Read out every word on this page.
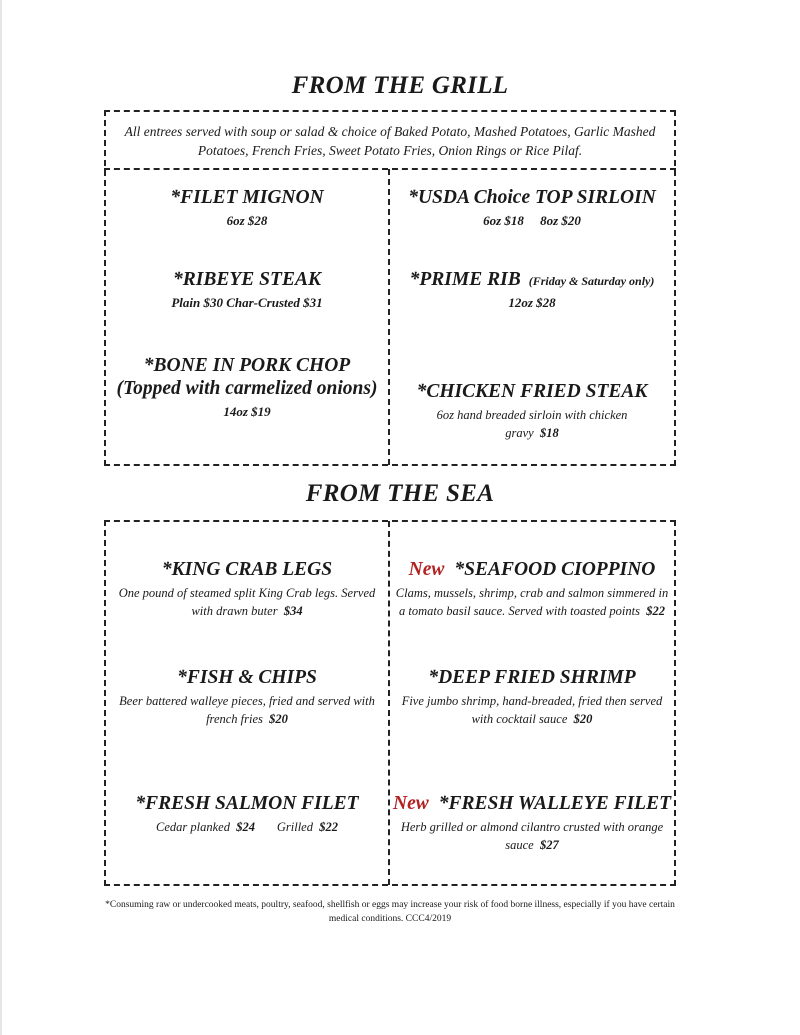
FROM THE GRILL
All entrees served with soup or salad & choice of Baked Potato, Mashed Potatoes, Garlic Mashed Potatoes, French Fries, Sweet Potato Fries, Onion Rings or Rice Pilaf.
*FILET MIGNON
6oz $28
*USDA Choice TOP SIRLOIN
6oz $18     8oz $20
*RIBEYE STEAK
Plain $30 Char-Crusted $31
*PRIME RIB (Friday & Saturday only)
12oz $28
*BONE IN PORK CHOP (Topped with carmelized onions)
14oz $19
*CHICKEN FRIED STEAK
6oz hand breaded sirloin with chicken gravy $18
FROM THE SEA
*KING CRAB LEGS
One pound of steamed split King Crab legs. Served with drawn buter $34
New *SEAFOOD CIOPPINO
Clams, mussels, shrimp, crab and salmon simmered in a tomato basil sauce. Served with toasted points $22
*FISH & CHIPS
Beer battered walleye pieces, fried and served with french fries $20
*DEEP FRIED SHRIMP
Five jumbo shrimp, hand-breaded, fried then served with cocktail sauce $20
*FRESH SALMON FILET
Cedar planked $24 Grilled $22
New *FRESH WALLEYE FILET
Herb grilled or almond cilantro crusted with orange sauce $27
*Consuming raw or undercooked meats, poultry, seafood, shellfish or eggs may increase your risk of food borne illness, especially if you have certain medical conditions. CCC4/2019
